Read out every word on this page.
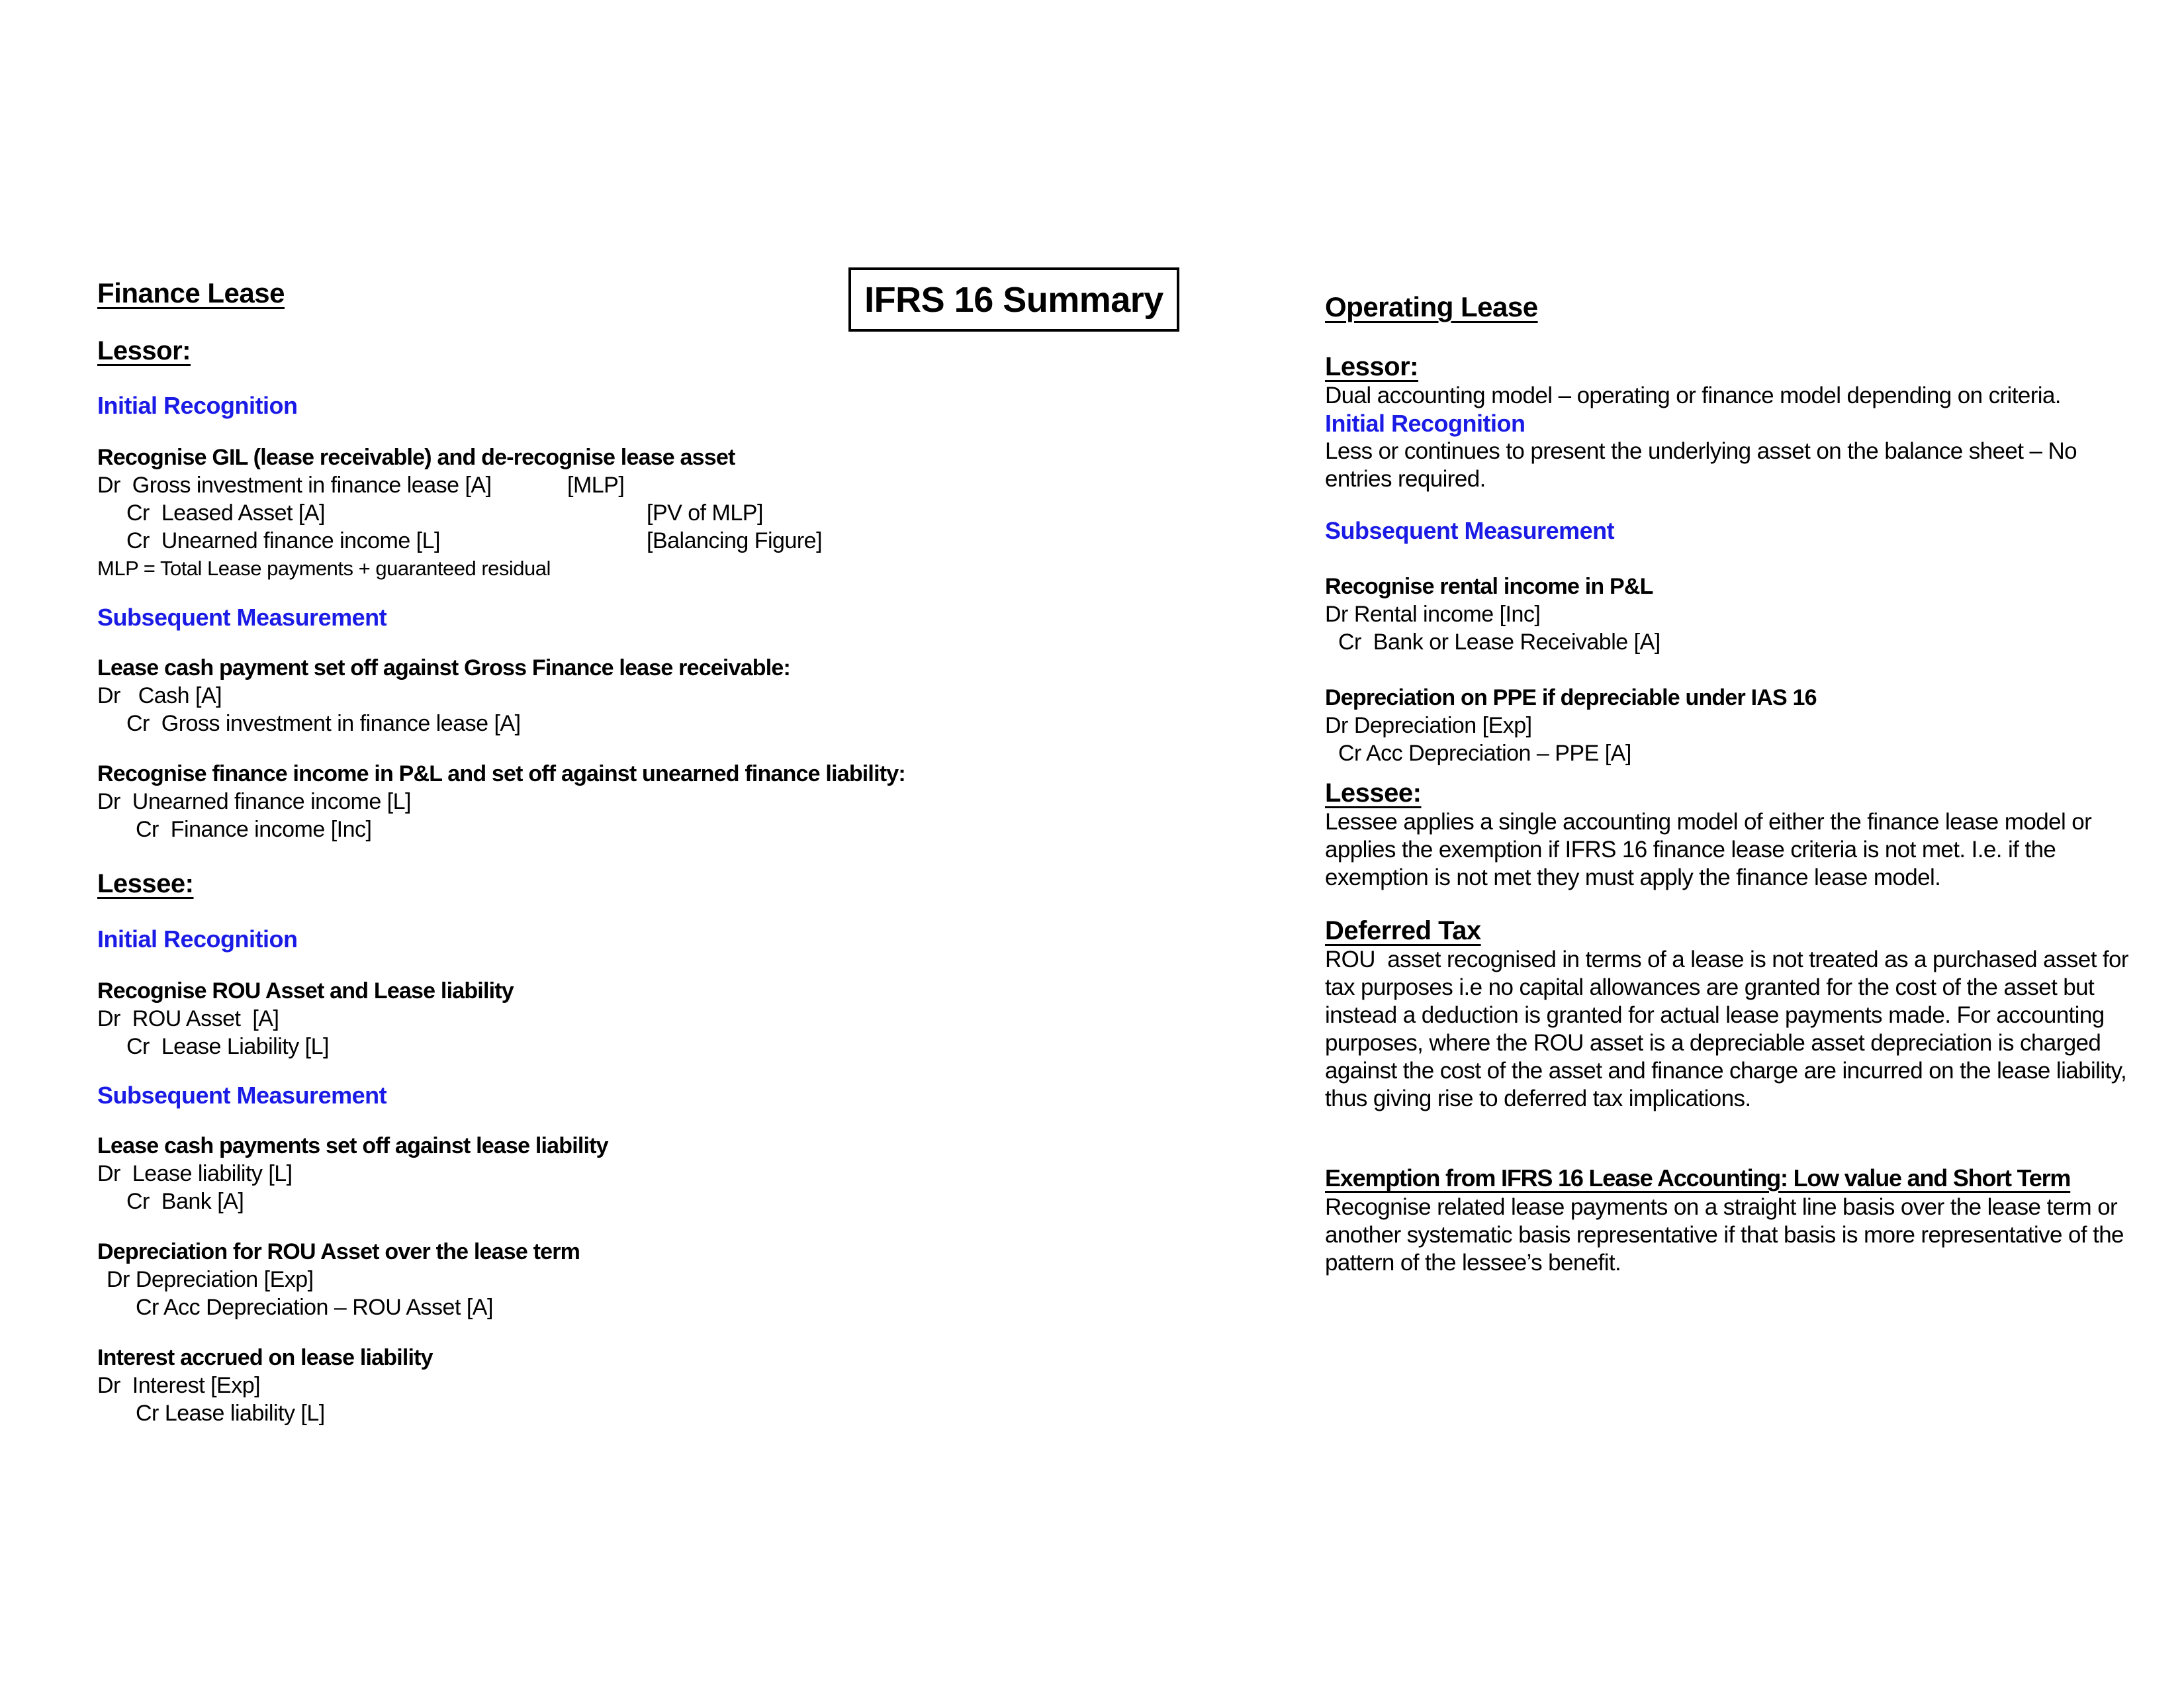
IFRS 16 Summary
Finance Lease
Lessor:
Initial Recognition
Recognise GIL (lease receivable) and de-recognise lease asset
Dr  Gross investment in finance lease [A]	[MLP]
Cr  Leased Asset [A]	[PV of MLP]
Cr  Unearned finance income [L]	[Balancing Figure]
MLP = Total Lease payments + guaranteed residual
Subsequent Measurement
Lease cash payment set off against Gross Finance lease receivable:
Dr   Cash [A]
Cr  Gross investment in finance lease [A]
Recognise finance income in P&L and set off against unearned finance liability:
Dr  Unearned finance income [L]
Cr  Finance income [Inc]
Lessee:
Initial Recognition
Recognise ROU Asset and Lease liability
Dr  ROU Asset  [A]
Cr  Lease Liability [L]
Subsequent Measurement
Lease cash payments set off against lease liability
Dr  Lease liability [L]
Cr  Bank [A]
Depreciation for ROU Asset over the lease term
Dr Depreciation [Exp]
Cr Acc Depreciation – ROU Asset [A]
Interest accrued on lease liability
Dr  Interest [Exp]
Cr Lease liability [L]
Operating Lease
Lessor:
Dual accounting model – operating or finance model depending on criteria.
Initial Recognition
Less or continues to present the underlying asset on the balance sheet – No entries required.
Subsequent Measurement
Recognise rental income in P&L
Dr Rental income [Inc]
Cr  Bank or Lease Receivable [A]
Depreciation on PPE if depreciable under IAS 16
Dr Depreciation [Exp]
Cr Acc Depreciation – PPE [A]
Lessee:
Lessee applies a single accounting model of either the finance lease model or applies the exemption if IFRS 16 finance lease criteria is not met. I.e. if the exemption is not met they must apply the finance lease model.
Deferred Tax
ROU  asset recognised in terms of a lease is not treated as a purchased asset for tax purposes i.e no capital allowances are granted for the cost of the asset but instead a deduction is granted for actual lease payments made. For accounting purposes, where the ROU asset is a depreciable asset depreciation is charged against the cost of the asset and finance charge are incurred on the lease liability, thus giving rise to deferred tax implications.
Exemption from IFRS 16 Lease Accounting: Low value and Short Term
Recognise related lease payments on a straight line basis over the lease term or another systematic basis representative if that basis is more representative of the pattern of the lessee’s benefit.
